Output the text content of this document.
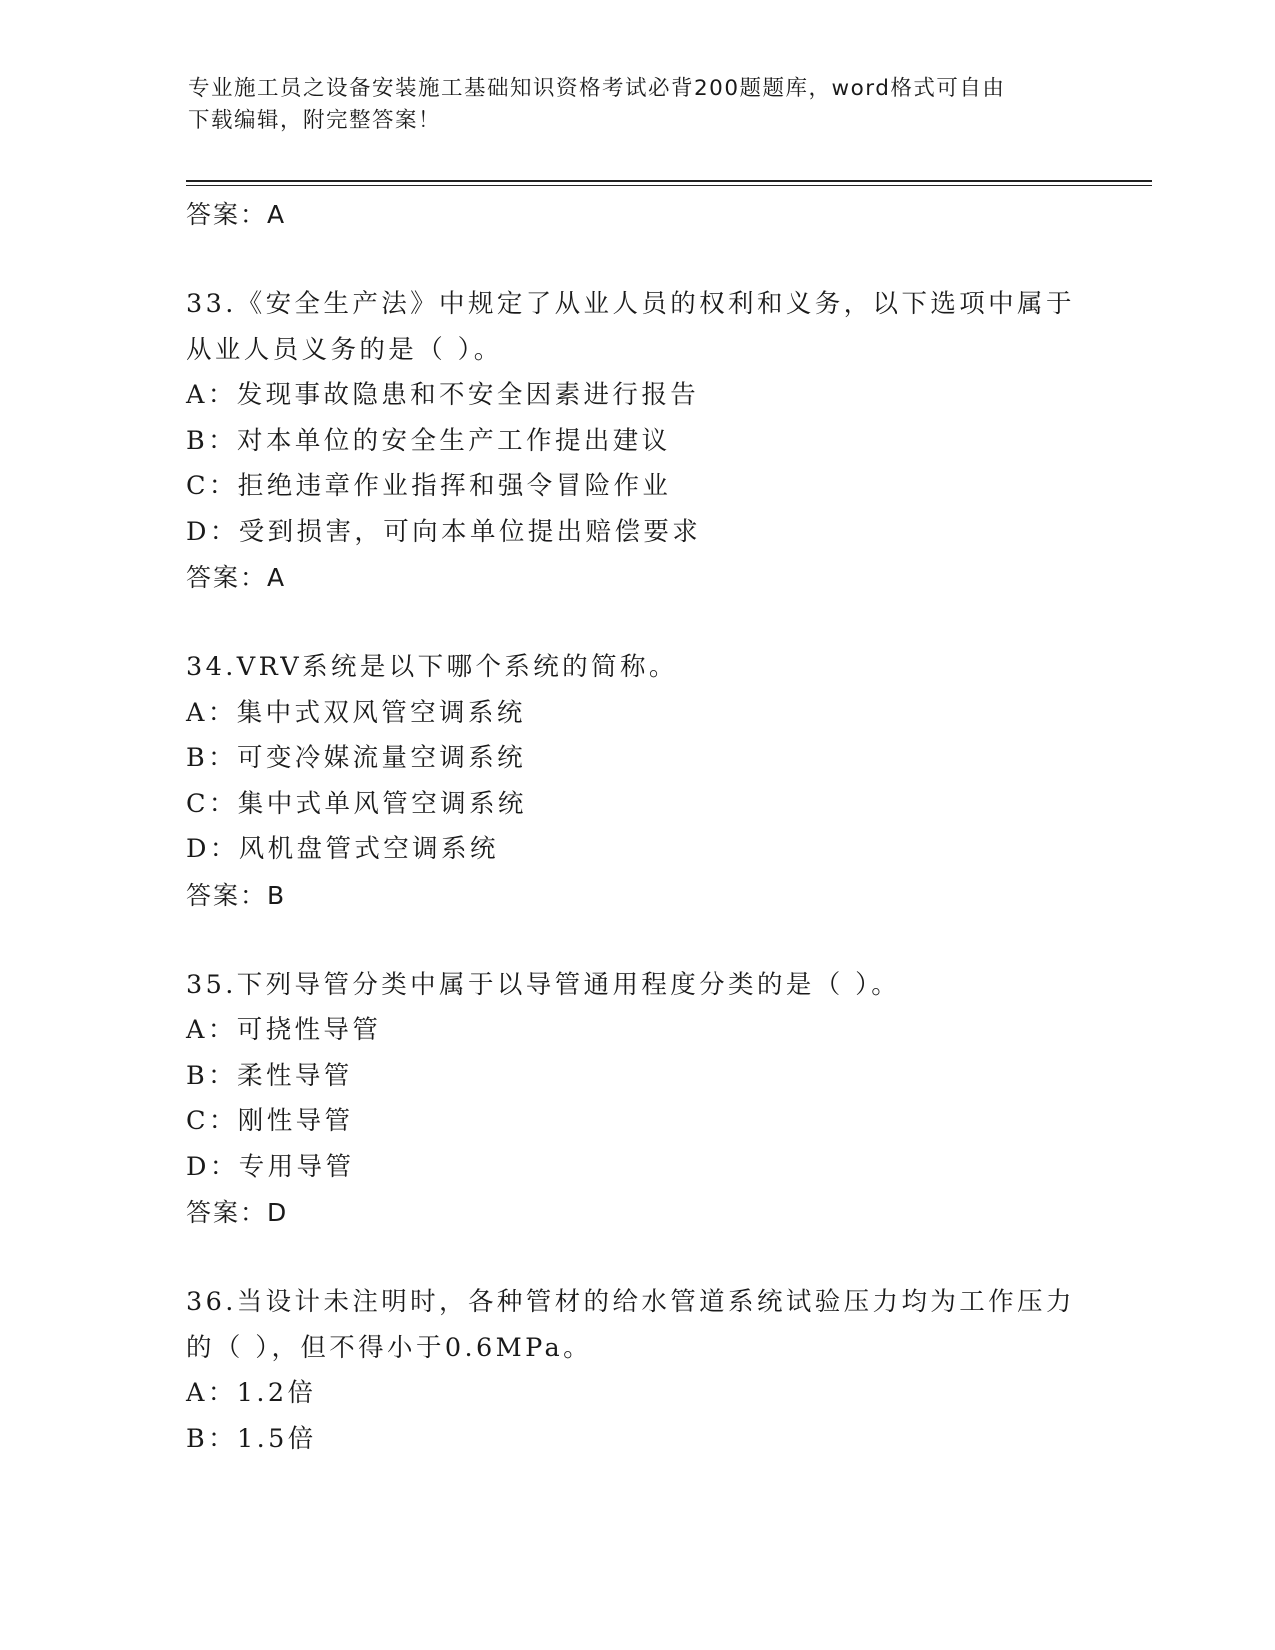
专业施工员之设备安装施工基础知识资格考试必背200题题库，word格式可自由
下载编辑，附完整答案！
答案：A
33.《安全生产法》中规定了从业人员的权利和义务，以下选项中属于
从业人员义务的是（ ）。
A：发现事故隐患和不安全因素进行报告
B：对本单位的安全生产工作提出建议
C：拒绝违章作业指挥和强令冒险作业
D：受到损害，可向本单位提出赔偿要求
答案：A
34.VRV系统是以下哪个系统的简称。
A：集中式双风管空调系统
B：可变冷媒流量空调系统
C：集中式单风管空调系统
D：风机盘管式空调系统
答案：B
35.下列导管分类中属于以导管通用程度分类的是（ ）。
A：可挠性导管
B：柔性导管
C：刚性导管
D：专用导管
答案：D
36.当设计未注明时，各种管材的给水管道系统试验压力均为工作压力
的（ ），但不得小于0.6MPa。
A：1.2倍
B：1.5倍
